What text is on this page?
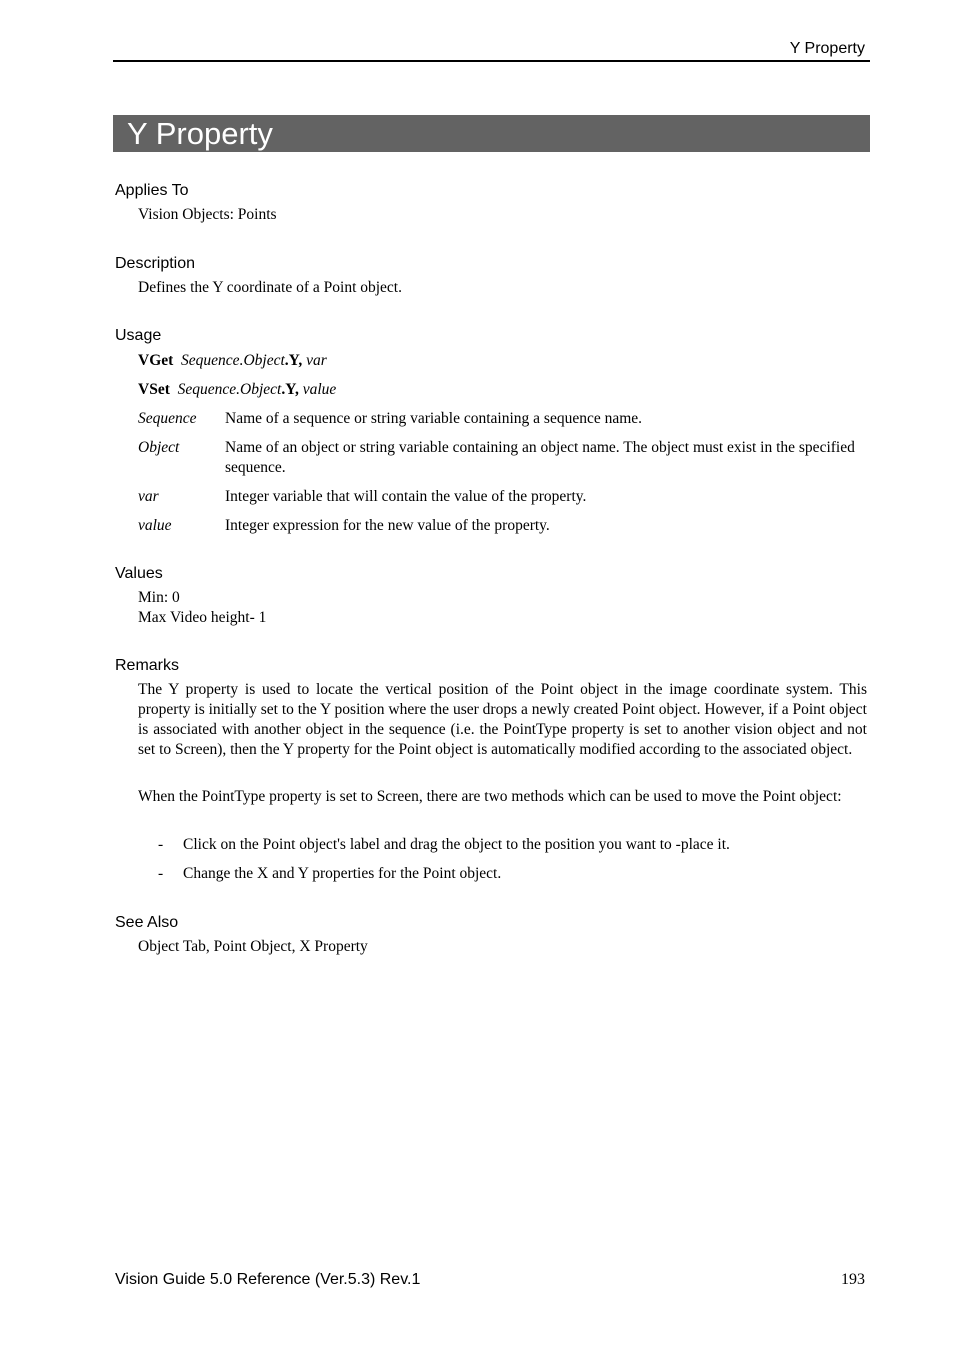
Y Property
Y Property
Applies To
Vision Objects: Points
Description
Defines the Y coordinate of a Point object.
Usage
VGet Sequence.Object.Y, var
VSet Sequence.Object.Y, value
Sequence Name of a sequence or string variable containing a sequence name.
Object	Name of an object or string variable containing an object name. The object must exist in the specified sequence.
var	Integer variable that will contain the value of the property.
value	Integer expression for the new value of the property.
Values
Min: 0
Max Video height- 1
Remarks
The Y property is used to locate the vertical position of the Point object in the image coordinate system. This property is initially set to the Y position where the user drops a newly created Point object. However, if a Point object is associated with another object in the sequence (i.e. the PointType property is set to another vision object and not set to Screen), then the Y property for the Point object is automatically modified according to the associated object.
When the PointType property is set to Screen, there are two methods which can be used to move the Point object:
- Click on the Point object's label and drag the object to the position you want to -place it.
- Change the X and Y properties for the Point object.
See Also
Object Tab, Point Object, X Property
Vision Guide 5.0 Reference (Ver.5.3) Rev.1	193
